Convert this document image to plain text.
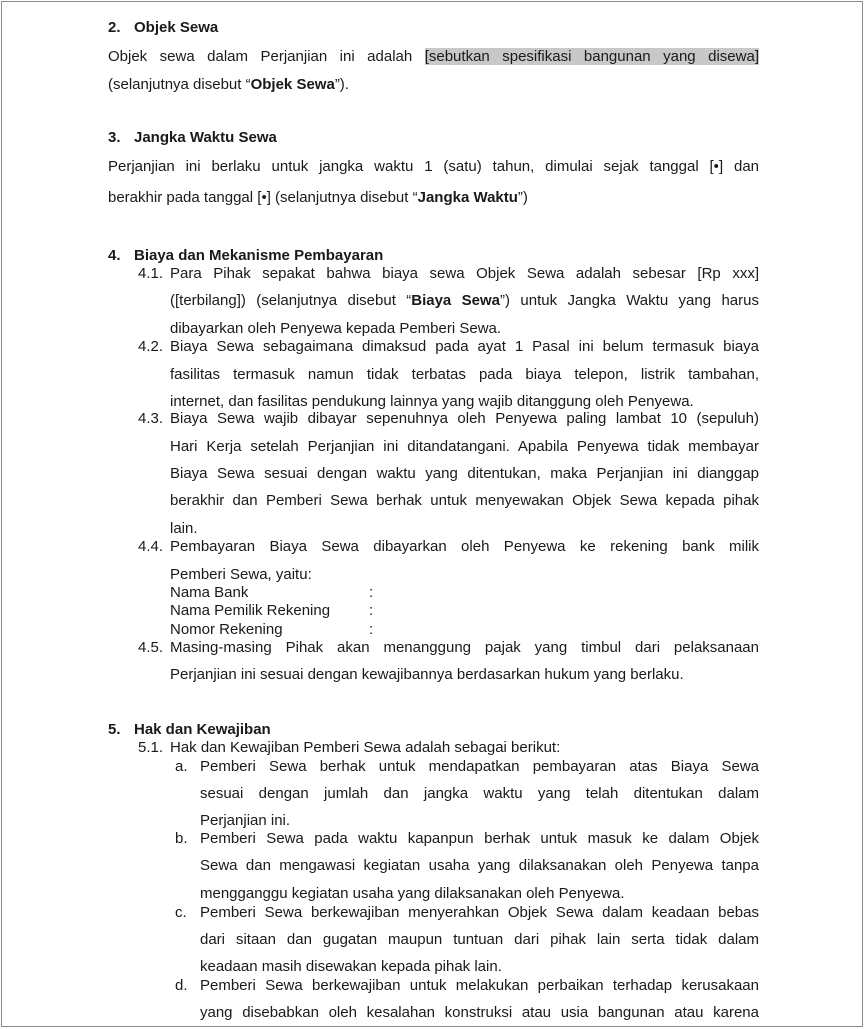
2. Objek Sewa

Objek sewa dalam Perjanjian ini adalah [sebutkan spesifikasi bangunan yang disewa]

(selanjutnya disebut “Objek Sewa”).

3. Jangka Waktu Sewa

Perjanjian ini berlaku untuk jangka waktu 1 (satu) tahun, dimulai sejak tanggal [•] dan

berakhir pada tanggal [•] (selanjutnya disebut “Jangka Waktu”)

4. Biaya dan Mekanisme Pembayaran

4.1. Para Pihak sepakat bahwa biaya sewa Objek Sewa adalah sebesar [Rp xxx]

([terbilang]) (selanjutnya disebut “Biaya Sewa”) untuk Jangka Waktu yang harus

dibayarkan oleh Penyewa kepada Pemberi Sewa.

4.2. Biaya Sewa sebagaimana dimaksud pada ayat 1 Pasal ini belum termasuk biaya

fasilitas termasuk namun tidak terbatas pada biaya telepon, listrik tambahan,

internet, dan fasilitas pendukung lainnya yang wajib ditanggung oleh Penyewa.

4.3. Biaya Sewa wajib dibayar sepenuhnya oleh Penyewa paling lambat 10 (sepuluh)

Hari Kerja setelah Perjanjian ini ditandatangani. Apabila Penyewa tidak membayar

Biaya Sewa sesuai dengan waktu yang ditentukan, maka Perjanjian ini dianggap

berakhir dan Pemberi Sewa berhak untuk menyewakan Objek Sewa kepada pihak

lain.

4.4. Pembayaran Biaya Sewa dibayarkan oleh Penyewa ke rekening bank milik

Pemberi Sewa, yaitu:

Nama Bank	:

Nama Pemilik Rekening	:

Nomor Rekening	:

4.5. Masing-masing Pihak akan menanggung pajak yang timbul dari pelaksanaan

Perjanjian ini sesuai dengan kewajibannya berdasarkan hukum yang berlaku.

5. Hak dan Kewajiban

5.1. Hak dan Kewajiban Pemberi Sewa adalah sebagai berikut:

a. Pemberi Sewa berhak untuk mendapatkan pembayaran atas Biaya Sewa

sesuai dengan jumlah dan jangka waktu yang telah ditentukan dalam

Perjanjian ini.

b. Pemberi Sewa pada waktu kapanpun berhak untuk masuk ke dalam Objek

Sewa dan mengawasi kegiatan usaha yang dilaksanakan oleh Penyewa tanpa

mengganggu kegiatan usaha yang dilaksanakan oleh Penyewa.

c. Pemberi Sewa berkewajiban menyerahkan Objek Sewa dalam keadaan bebas

dari sitaan dan gugatan maupun tuntuan dari pihak lain serta tidak dalam

keadaan masih disewakan kepada pihak lain.

d. Pemberi Sewa berkewajiban untuk melakukan perbaikan terhadap kerusakaan

yang disebabkan oleh kesalahan konstruksi atau usia bangunan atau karena
